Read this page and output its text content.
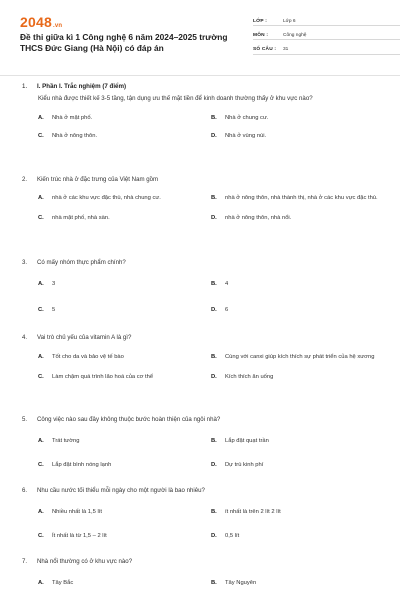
2048.vn
Đề thi giữa kì 1 Công nghệ 6 năm 2024–2025 trường THCS Đức Giang (Hà Nội) có đáp án
LỚP :	Lớp 6
MÔN :	Công nghệ
SỐ CÂU :	31
1.	I. Phần I. Trắc nghiệm (7 điểm)
Kiểu nhà được thiết kế 3-5 tầng, tận dụng ưu thế mặt tiền để kinh doanh thường thấy ở khu vực nào?
A.	Nhà ở mặt phố.	B.	Nhà ở chung cư.
C.	Nhà ở nông thôn.	D.	Nhà ở vùng núi.
2.	Kiến trúc nhà ở đặc trưng của Việt Nam gồm
A.	nhà ở các khu vực đặc thù, nhà chung cư.	B.	nhà ở nông thôn, nhà thành thị, nhà ở các khu vực đặc thù.
C.	nhà mặt phố, nhà sàn.	D.	nhà ở nông thôn, nhà nổi.
3.	Có mấy nhóm thực phẩm chính?
A.	3	B.	4
C.	5	D.	6
4.	Vai trò chủ yếu của vitamin A là gì?
A.	Tốt cho da và bảo vệ tế bào	B.	Cùng với canxi giúp kích thích sự phát triển của hệ xương
C.	Làm chậm quá trình lão hoá của cơ thể	D.	Kích thích ăn uống
5.	Công việc nào sau đây không thuộc bước hoàn thiện của ngôi nhà?
A.	Trát tường	B.	Lắp đặt quạt trần
C.	Lắp đặt bình nóng lạnh	D.	Dự trù kinh phí
6.	Nhu cầu nước tối thiểu mỗi ngày cho một người là bao nhiêu?
A.	Nhiều nhất là 1,5 lít	B.	ít nhất là trên 2 lít 2 lít
C.	Ít nhất là từ 1,5 – 2 lít	D.	0,5 lít
7.	Nhà nổi thường có ở khu vực nào?
A.	Tây Bắc	B.	Tây Nguyên
